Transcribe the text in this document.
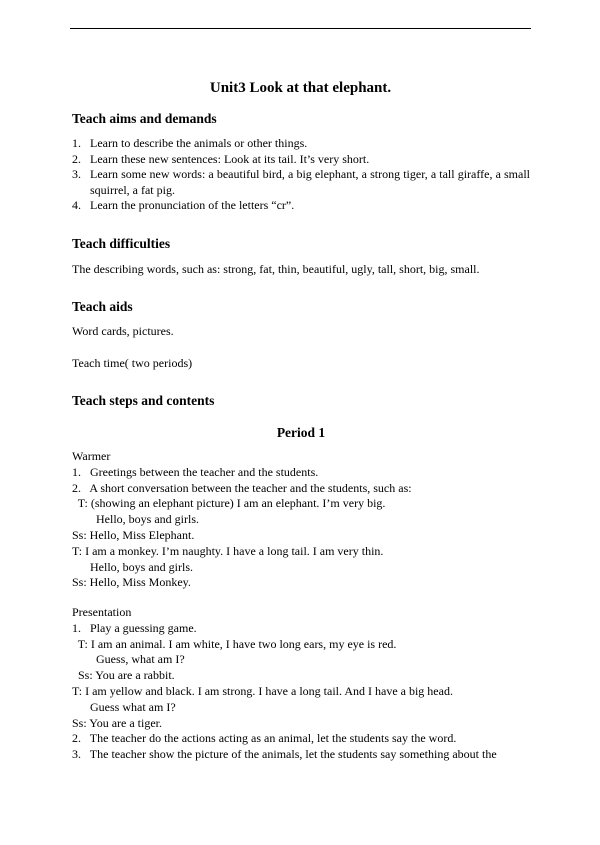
Unit3 Look at that elephant.
Teach aims and demands
1. Learn to describe the animals or other things.
2. Learn these new sentences: Look at its tail. It’s very short.
3. Learn some new words: a beautiful bird, a big elephant, a strong tiger, a tall giraffe, a small squirrel, a fat pig.
4. Learn the pronunciation of the letters “cr”.
Teach difficulties
The describing words, such as: strong, fat, thin, beautiful, ugly, tall, short, big, small.
Teach aids
Word cards, pictures.
Teach time( two periods)
Teach steps and contents
Period 1
Warmer
1.   Greetings between the teacher and the students.
2.   A short conversation between the teacher and the students, such as:
T: (showing an elephant picture) I am an elephant. I’m very big.
Hello, boys and girls.
Ss: Hello, Miss Elephant.
T: I am a monkey. I’m naughty. I have a long tail. I am very thin.
Hello, boys and girls.
Ss: Hello, Miss Monkey.
Presentation
1.   Play a guessing game.
T: I am an animal. I am white, I have two long ears, my eye is red.
Guess, what am I?
Ss: You are a rabbit.
T: I am yellow and black. I am strong. I have a long tail. And I have a big head.
Guess what am I?
Ss: You are a tiger.
2.   The teacher do the actions acting as an animal, let the students say the word.
3.   The teacher show the picture of the animals, let the students say something about the
